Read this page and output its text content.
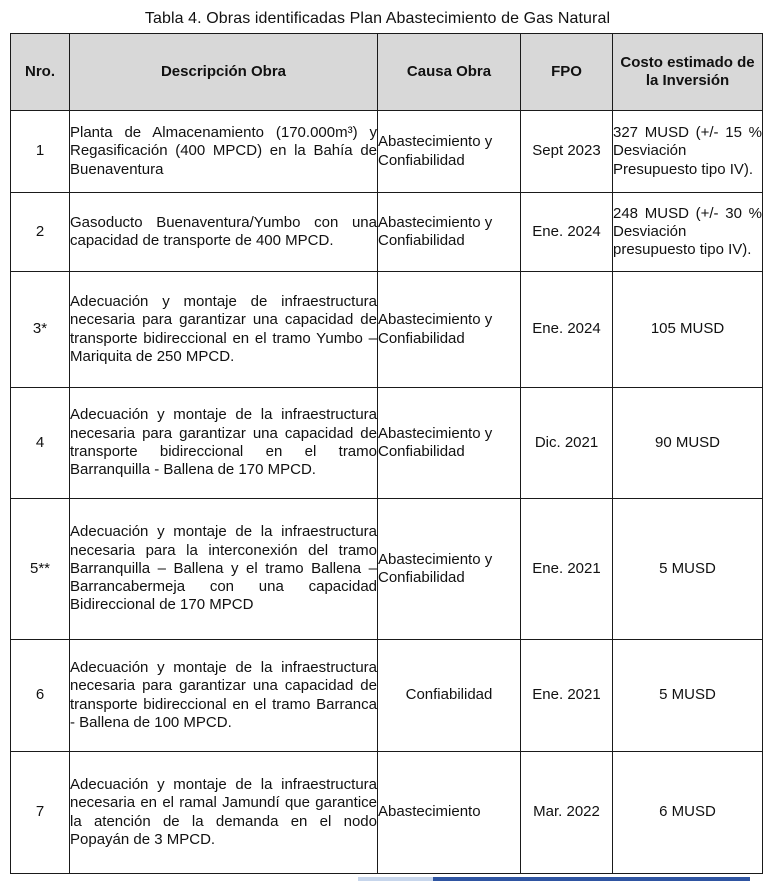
Tabla 4. Obras identificadas Plan Abastecimiento de Gas Natural
Nro.	Descripción Obra	Causa Obra	FPO	Costo estimado de la Inversión
1	Planta de Almacenamiento (170.000m³) y Regasificación (400 MPCD) en la Bahía de Buenaventura	Abastecimiento y Confiabilidad	Sept 2023	327 MUSD (+/- 15 % Desviación Presupuesto tipo IV).
2	Gasoducto Buenaventura/Yumbo con una capacidad de transporte de 400 MPCD.	Abastecimiento y Confiabilidad	Ene. 2024	248 MUSD (+/- 30 % Desviación presupuesto tipo IV).
3*	Adecuación y montaje de infraestructura necesaria para garantizar una capacidad de transporte bidireccional en el tramo Yumbo – Mariquita de 250 MPCD.	Abastecimiento y Confiabilidad	Ene. 2024	105 MUSD
4	Adecuación y montaje de la infraestructura necesaria para garantizar una capacidad de transporte bidireccional en el tramo Barranquilla - Ballena de 170 MPCD.	Abastecimiento y Confiabilidad	Dic. 2021	90 MUSD
5**	Adecuación y montaje de la infraestructura necesaria para la interconexión del tramo Barranquilla – Ballena y el tramo Ballena – Barrancabermeja con una capacidad Bidireccional de 170 MPCD	Abastecimiento y Confiabilidad	Ene. 2021	5 MUSD
6	Adecuación y montaje de la infraestructura necesaria para garantizar una capacidad de transporte bidireccional en el tramo Barranca - Ballena de 100 MPCD.	Confiabilidad	Ene. 2021	5 MUSD
7	Adecuación y montaje de la infraestructura necesaria en el ramal Jamundí que garantice la atención de la demanda en el nodo Popayán de 3 MPCD.	Abastecimiento	Mar. 2022	6 MUSD
